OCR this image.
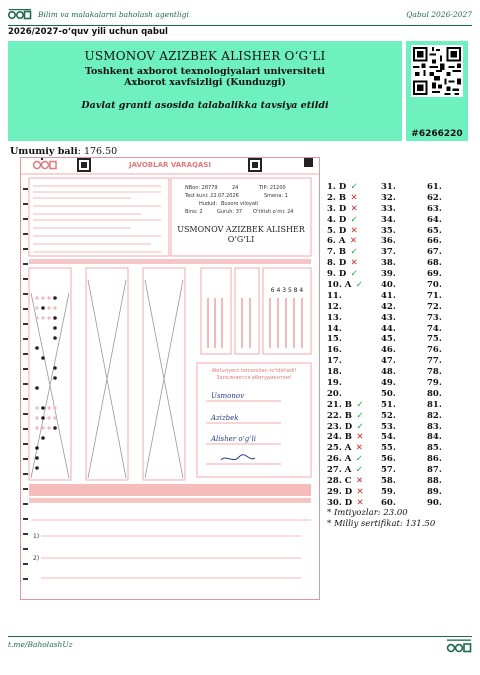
Bilim va malakalarni baholash agentligi	Qabul 2026-2027
2026/2027-o‘quv yili uchun qabul
USMONOV AZIZBEK ALISHER O‘G‘LI
Toshkent axborot texnologiyalari universiteti
Axborot xavfsizligi (Kunduzgi)
Davlat granti asosida talabalikka tavsiya etildi
#6266220
Umumiy bali: 176.50
JAVOBLAR VARAQASI
NBon: 28779	24	TIP: 21200
Test kuni: 22.07.2026	Smena: 1
Hudud: Buxoro viloyati
Bino: 2	Guruh: 37 O‘tirish o‘rni: 24
USMONOV AZIZBEK ALISHER
O‘G‘LI
6 4 3 5 8 4
Abituriyent tomonidan to‘ldiriladi!
Заполняется абитуриентом!
Usmonov
Azizbek
Alisher o‘g‘li
1)
2)
1. D ✓
2. B ✕
3. D ✕
4. D ✓
5. D ✕
6. A ✕
7. B ✓
8. D ✕
9. D ✓
10. A ✓
11.
12.
13.
14.
15.
16.
17.
18.
19.
20.
21. B ✓
22. B ✓
23. D ✓
24. B ✕
25. A ✕
26. A ✓
27. A ✓
28. C ✕
29. D ✕
30. D ✕
31.
32.
33.
34.
35.
36.
37.
38.
39.
40.
41.
42.
43.
44.
45.
46.
47.
48.
49.
50.
51.
52.
53.
54.
55.
56.
57.
58.
59.
60.
61.
62.
63.
64.
65.
66.
67.
68.
69.
70.
71.
72.
73.
74.
75.
76.
77.
78.
79.
80.
81.
82.
83.
84.
85.
86.
87.
88.
89.
90.
* Imtiyozlar: 23.00
* Milliy sertifikat: 131.50
t.me/BaholashUz
